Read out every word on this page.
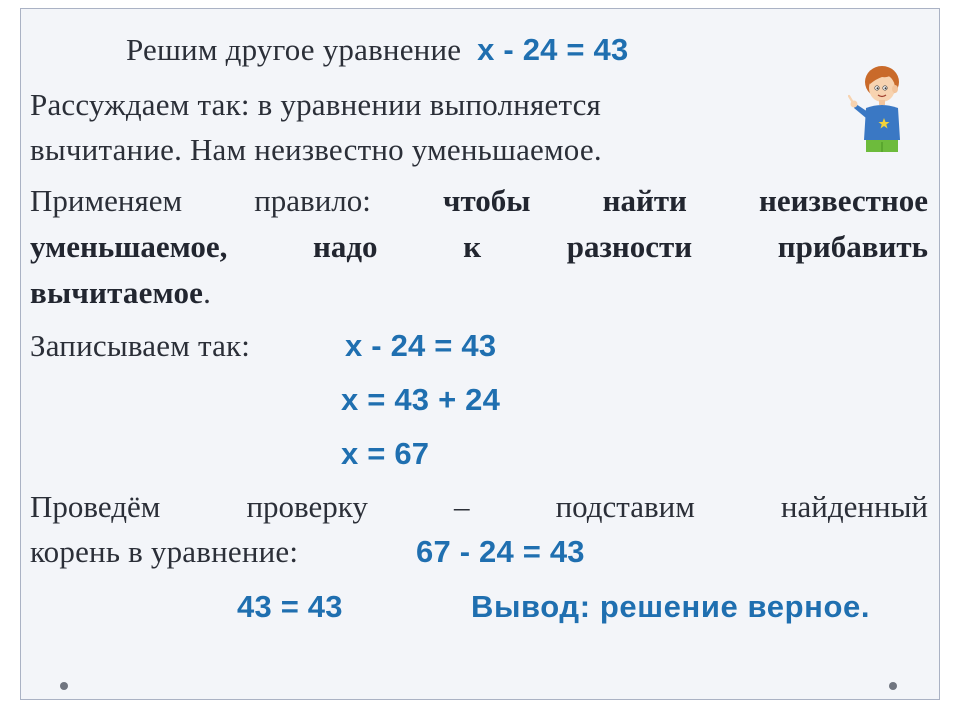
Решим другое уравнение х - 24 = 43
Рассуждаем так: в уравнении выполняется
вычитание. Нам неизвестно уменьшаемое.
Применяем правило: чтобы найти неизвестное
уменьшаемое,	надо	к	разности	прибавить
вычитаемое.
Записываем так:	х - 24 = 43
х = 43 + 24
х = 67
Проведём	проверку	–	подставим	найденный
корень в уравнение:	67 - 24 = 43
43 = 43	Вывод: решение верное.
